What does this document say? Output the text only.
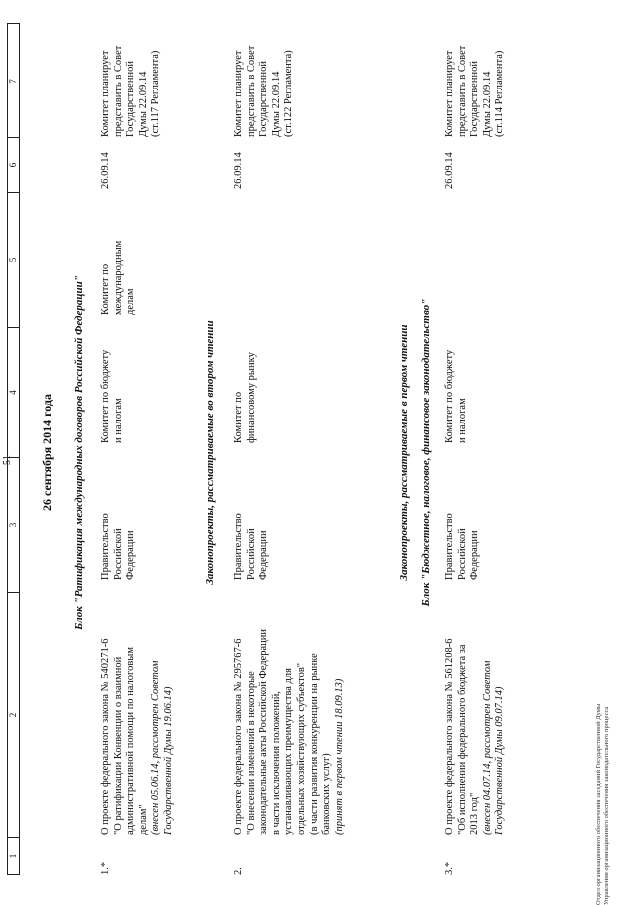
51
1
2
3
4
5
6
7
26 сентября 2014 года Блок "Ратификация международных договоров Российской Федерации"
1.*
О проекте федерального закона № 540271-6 "О ратификации Конвенции о взаимной административной помощи по налоговым делам" (внесен 05.06.14, рассмотрен Советом Государственной Думы 19.06.14)
Правительство Российской Федерации
Комитет по бюджету и налогам
Комитет по международным делам
26.09.14
Комитет планирует представить в Совет Государственной Думы 22.09.14 (ст.117 Регламента)
Законопроекты, рассматриваемые во втором чтении
2.
О проекте федерального закона № 295767-6 "О внесении изменений в некоторые законодательные акты Российской Федерации в части исключения положений, устанавливающих преимущества для отдельных хозяйствующих субъектов" (в части развития конкуренции на рынке банковских услуг) (принят в первом чтении 18.09.13)
Правительство Российской Федерации
Комитет по финансовому рынку
26.09.14
Комитет планирует представить в Совет Государственной Думы 22.09.14 (ст.122 Регламента)
Законопроекты, рассматриваемые в первом чтении Блок "Бюджетное, налоговое, финансовое законодательство"
3.*
О проекте федерального закона № 561208-6 "Об исполнении федерального бюджета за 2013 год" (внесен 04.07.14, рассмотрен Советом Государственной Думы 09.07.14)
Правительство Российской Федерации
Комитет по бюджету и налогам
26.09.14
Комитет планирует представить в Совет Государственной Думы 22.09.14 (ст.114 Регламента)
Отдел организационного обеспечения заседаний Государственной Думы Управления организационного обеспечения законодательного процесса
